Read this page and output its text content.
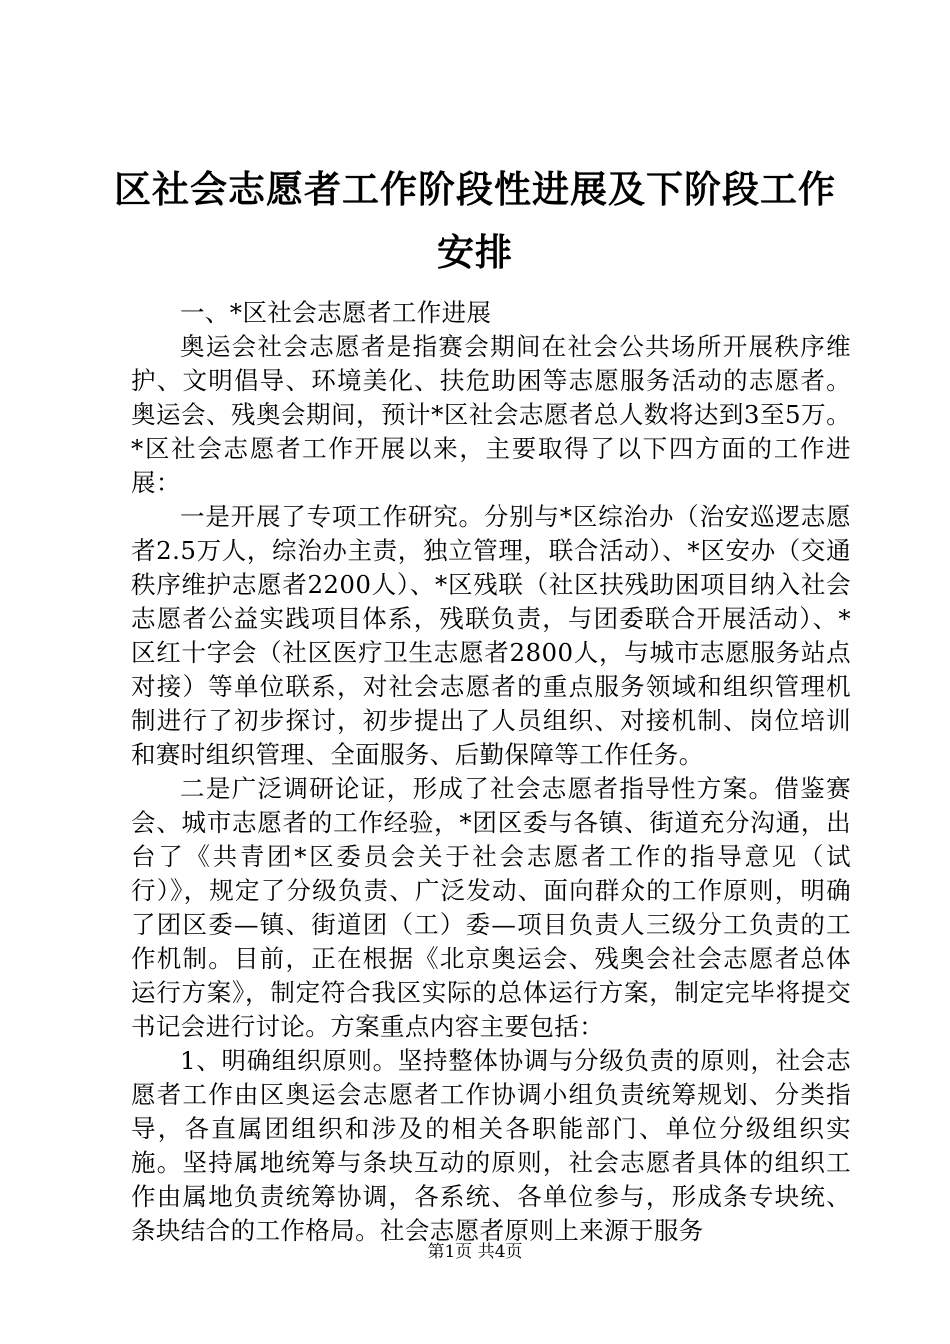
区社会志愿者工作阶段性进展及下阶段工作安排

一、*区社会志愿者工作进展

奥运会社会志愿者是指赛会期间在社会公共场所开展秩序维护、文明倡导、环境美化、扶危助困等志愿服务活动的志愿者。奥运会、残奥会期间，预计*区社会志愿者总人数将达到3至5万。*区社会志愿者工作开展以来，主要取得了以下四方面的工作进展：

一是开展了专项工作研究。分别与*区综治办（治安巡逻志愿者2.5万人，综治办主责，独立管理，联合活动）、*区安办（交通秩序维护志愿者2200人）、*区残联（社区扶残助困项目纳入社会志愿者公益实践项目体系，残联负责，与团委联合开展活动）、*区红十字会（社区医疗卫生志愿者2800人，与城市志愿服务站点对接）等单位联系，对社会志愿者的重点服务领域和组织管理机制进行了初步探讨，初步提出了人员组织、对接机制、岗位培训和赛时组织管理、全面服务、后勤保障等工作任务。

二是广泛调研论证，形成了社会志愿者指导性方案。借鉴赛会、城市志愿者的工作经验，*团区委与各镇、街道充分沟通，出台了《共青团*区委员会关于社会志愿者工作的指导意见（试行）》，规定了分级负责、广泛发动、面向群众的工作原则，明确了团区委—镇、街道团（工）委—项目负责人三级分工负责的工作机制。目前，正在根据《北京奥运会、残奥会社会志愿者总体运行方案》，制定符合我区实际的总体运行方案，制定完毕将提交书记会进行讨论。方案重点内容主要包括：

1、明确组织原则。坚持整体协调与分级负责的原则，社会志愿者工作由区奥运会志愿者工作协调小组负责统筹规划、分类指导，各直属团组织和涉及的相关各职能部门、单位分级组织实施。坚持属地统筹与条块互动的原则，社会志愿者具体的组织工作由属地负责统筹协调，各系统、各单位参与，形成条专块统、条块结合的工作格局。社会志愿者原则上来源于服务

第1页 共4页
